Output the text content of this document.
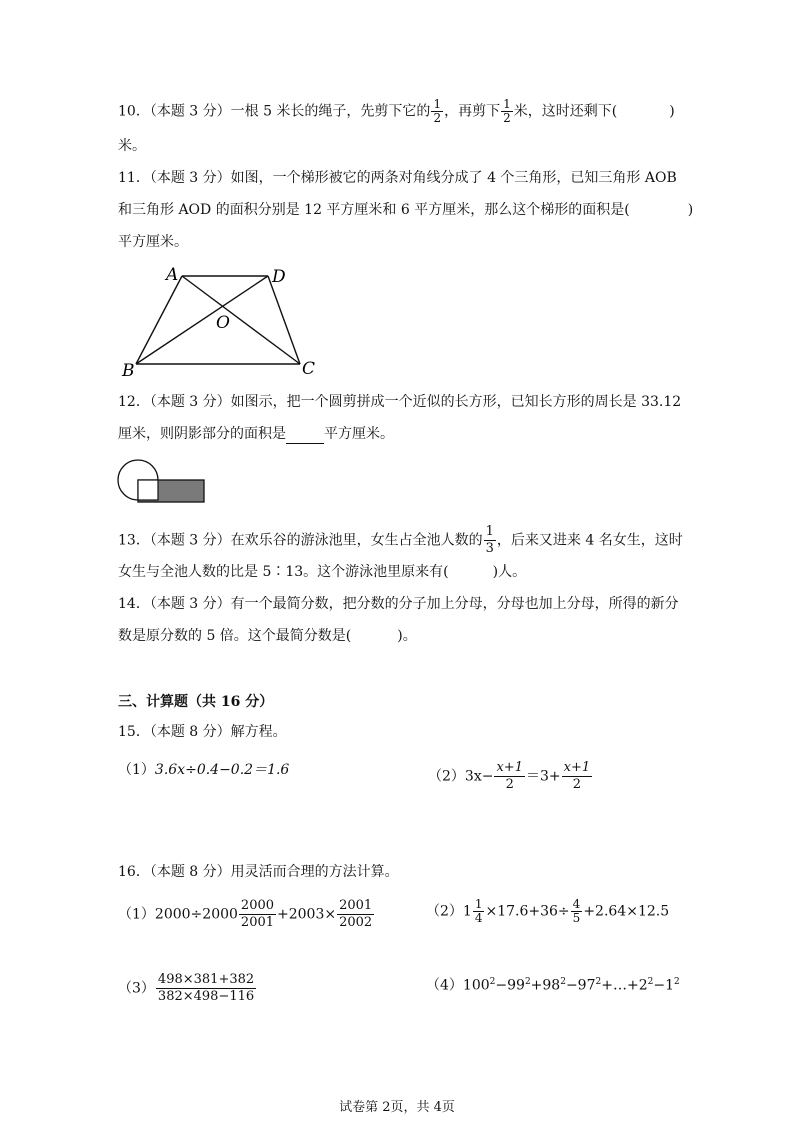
10．（本题 3 分）一根 5 米长的绳子，先剪下它的 $\frac{1}{2}$ ，再剪下 $\frac{1}{2}$ 米，这时还剩下(	)
米。
11．（本题 3 分）如图，一个梯形被它的两条对角线分成了 4 个三角形，已知三角形 AOB
和三角形 AOD 的面积分别是 12 平方厘米和 6 平方厘米，那么这个梯形的面积是(	)
平方厘米。
A	D
O
B	C
12．（本题 3 分）如图示，把一个圆剪拼成一个近似的长方形，已知长方形的周长是 33.12
厘米，则阴影部分的面积是	平方厘米。
13．（本题 3 分）在欢乐谷的游泳池里，女生占全池人数的 $\frac{1}{3}$ ，后来又进来 4 名女生，这时
女生与全池人数的比是 5∶13。这个游泳池里原来有(	)人。
14．（本题 3 分）有一个最简分数，把分数的分子加上分母，分母也加上分母，所得的新分
数是原分数的 5 倍。这个最简分数是(	)。
三、计算题（共 16 分）
15．（本题 8 分）解方程。
（1）3.6x÷0.4−0.2＝1.6	$(2)3x- \frac{x+1}{2} =3+ \frac{x+1}{2}$
16．（本题 8 分）用灵活而合理的方法计算。
$(1)2000\div 2000 \frac{2000}{2001} +2003\times \frac{2001}{2002}$	$(2)1 \frac{1}{4} \times 17.6+36\div \frac{4}{5} +2.64\times 12.5$
$(3) \frac{498\times 381+382}{382\times 498-116}$	$(4)100^2-99^2+98^2-97^2+\dots+2^2-1^2$
试卷第 2页，共 4页
